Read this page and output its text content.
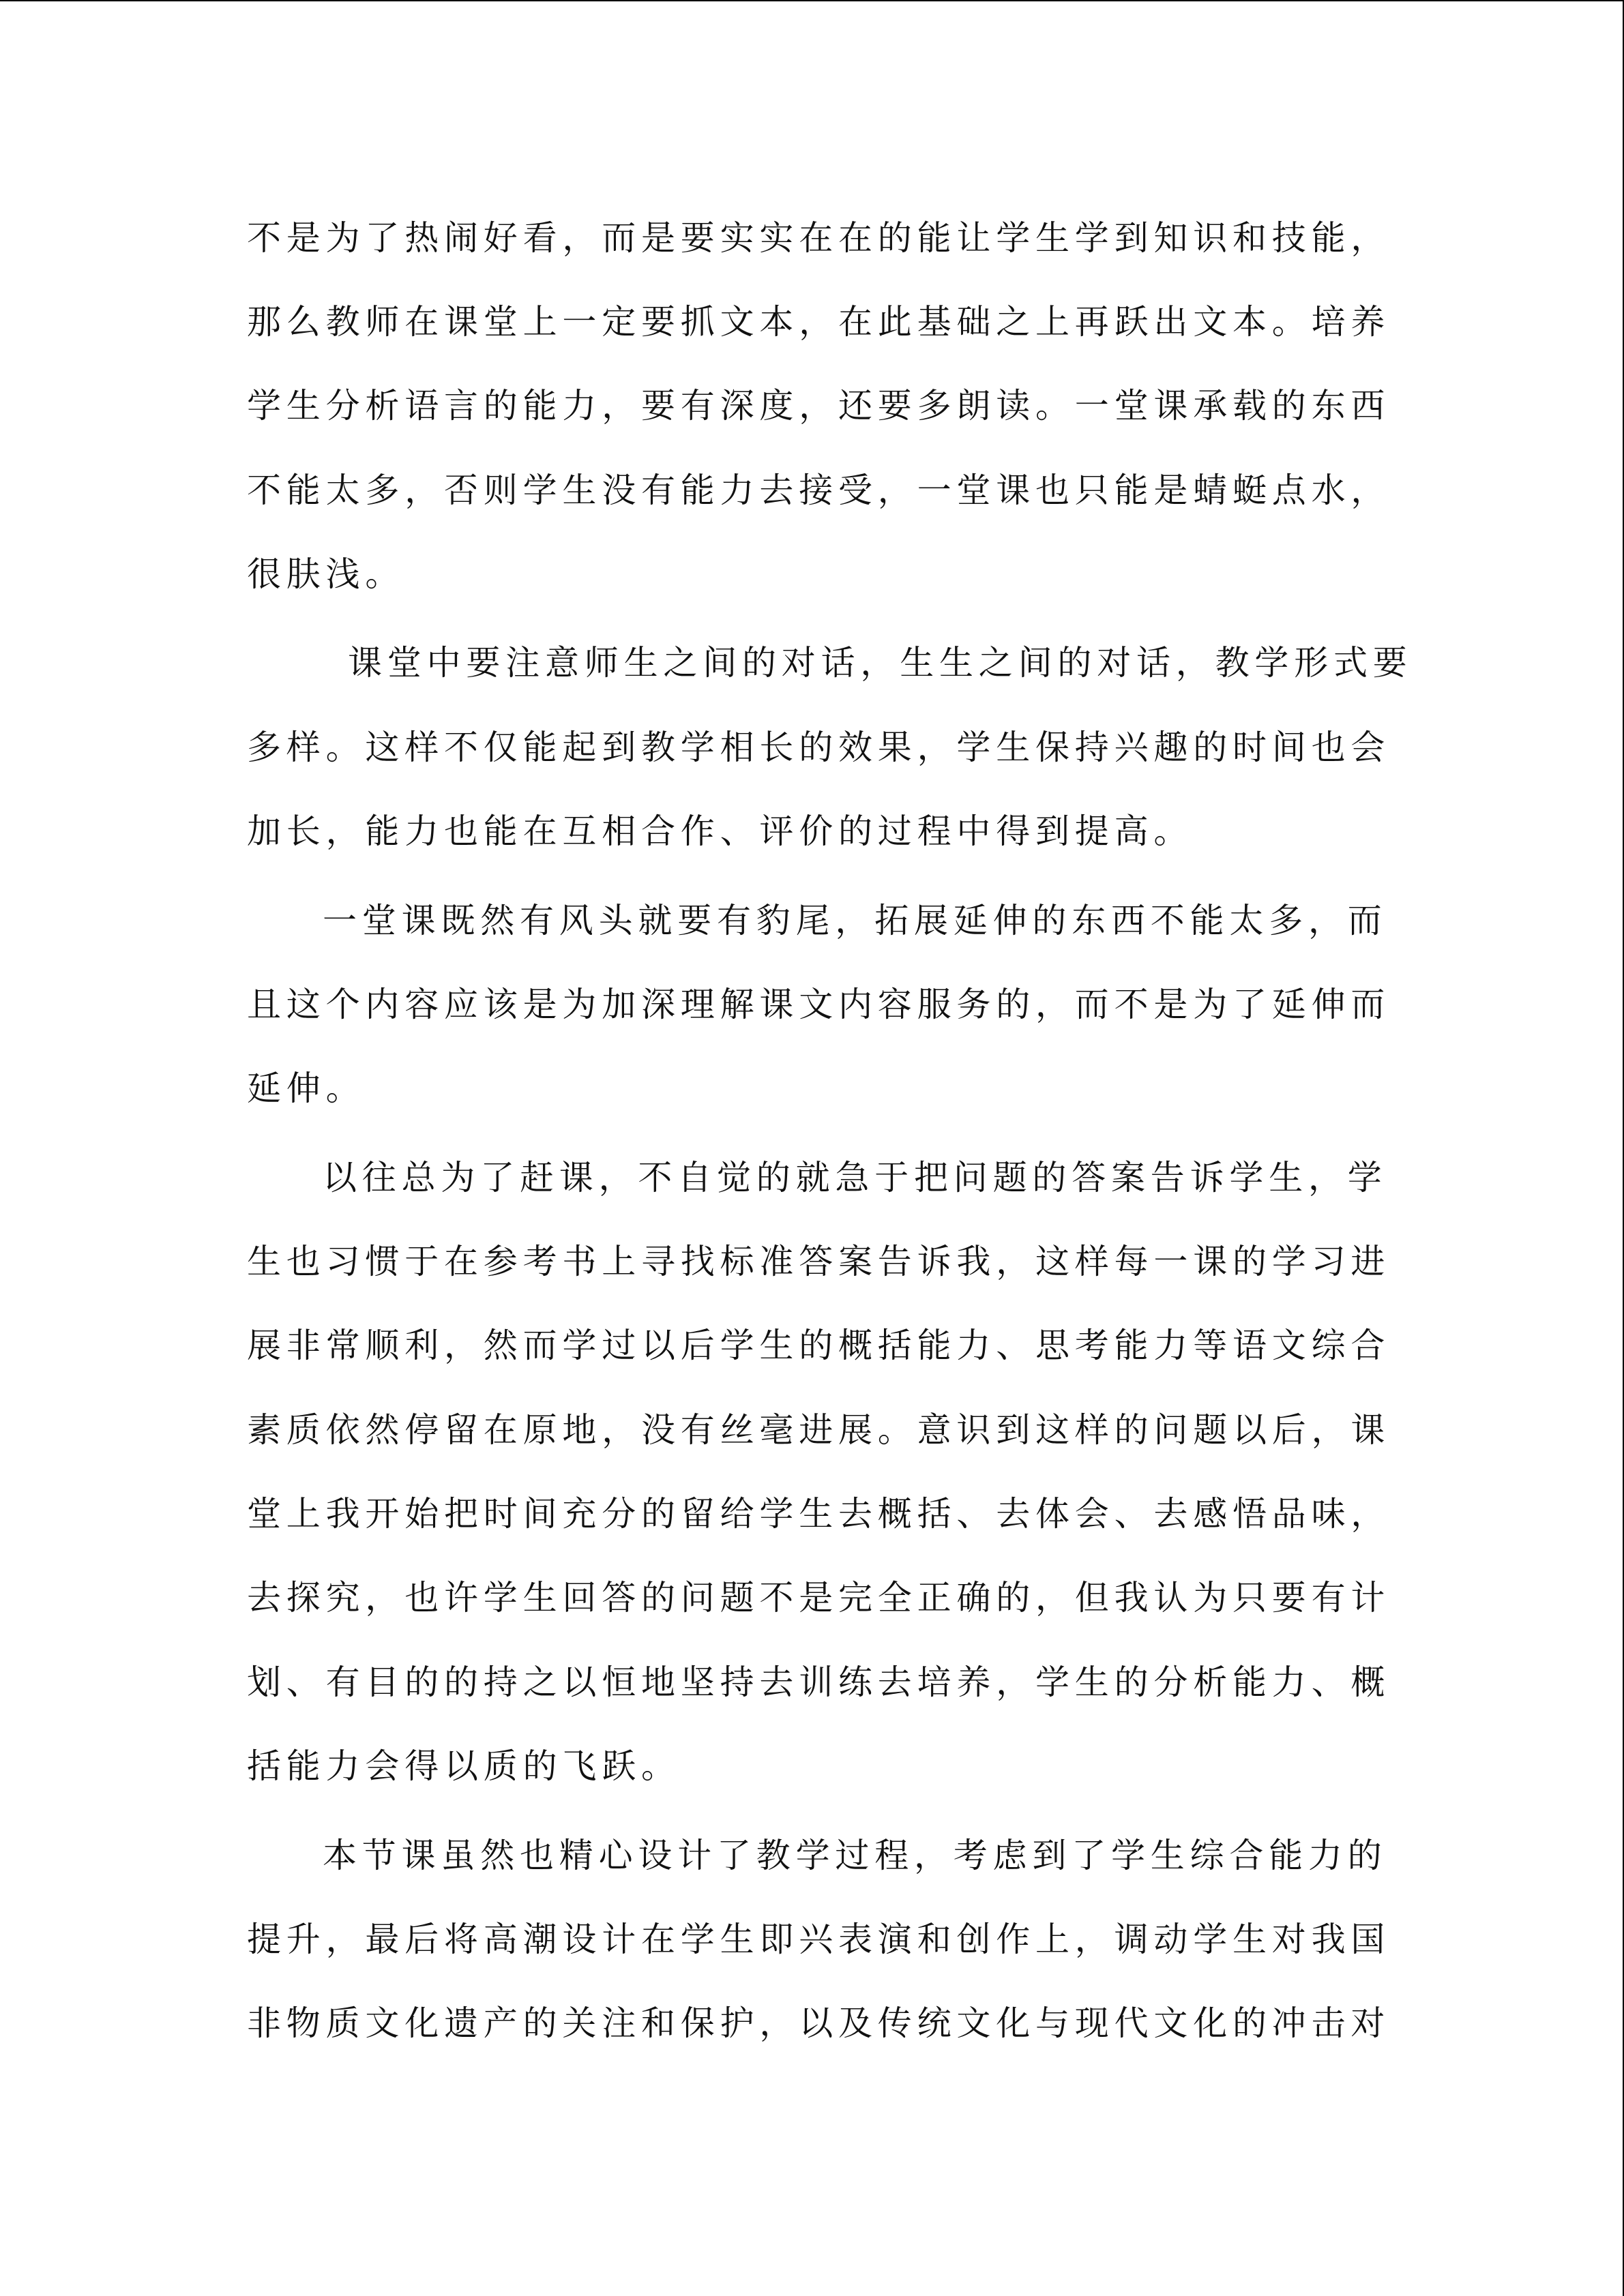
不是为了热闹好看，而是要实实在在的能让学生学到知识和技能，
那么教师在课堂上一定要抓文本，在此基础之上再跃出文本。培养
学生分析语言的能力，要有深度，还要多朗读。一堂课承载的东西
不能太多，否则学生没有能力去接受，一堂课也只能是蜻蜓点水，
很肤浅。
课堂中要注意师生之间的对话，生生之间的对话，教学形式要
多样。这样不仅能起到教学相长的效果，学生保持兴趣的时间也会
加长，能力也能在互相合作、评价的过程中得到提高。
一堂课既然有风头就要有豹尾，拓展延伸的东西不能太多，而
且这个内容应该是为加深理解课文内容服务的，而不是为了延伸而
延伸。
以往总为了赶课，不自觉的就急于把问题的答案告诉学生，学
生也习惯于在参考书上寻找标准答案告诉我，这样每一课的学习进
展非常顺利，然而学过以后学生的概括能力、思考能力等语文综合
素质依然停留在原地，没有丝毫进展。意识到这样的问题以后，课
堂上我开始把时间充分的留给学生去概括、去体会、去感悟品味，
去探究，也许学生回答的问题不是完全正确的，但我认为只要有计
划、有目的的持之以恒地坚持去训练去培养，学生的分析能力、概
括能力会得以质的飞跃。
本节课虽然也精心设计了教学过程，考虑到了学生综合能力的
提升，最后将高潮设计在学生即兴表演和创作上，调动学生对我国
非物质文化遗产的关注和保护，以及传统文化与现代文化的冲击对
